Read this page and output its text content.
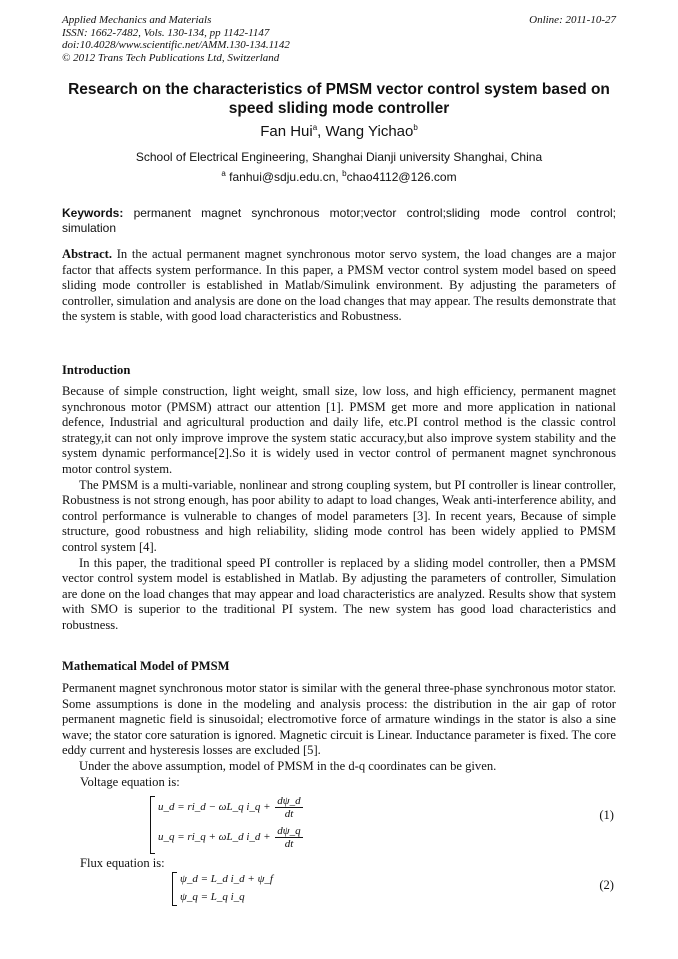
Applied Mechanics and Materials
ISSN: 1662-7482, Vols. 130-134, pp 1142-1147
doi:10.4028/www.scientific.net/AMM.130-134.1142
© 2012 Trans Tech Publications Ltd, Switzerland
Online: 2011-10-27
Research on the characteristics of PMSM vector control system based on speed sliding mode controller
Fan Hui$^a$, Wang Yichao$^b$
School of Electrical Engineering, Shanghai Dianji university Shanghai, China
$^a$ fanhui@sdju.edu.cn, $^b$chao4112@126.com
Keywords: permanent magnet synchronous motor;vector control;sliding mode control control; simulation

Abstract. In the actual permanent magnet synchronous motor servo system, the load changes are a major factor that affects system performance. In this paper, a PMSM vector control system model based on speed sliding mode controller is established in Matlab/Simulink environment. By adjusting the parameters of controller, simulation and analysis are done on the load changes that may appear. The results demonstrate that the system is stable, with good load characteristics and Robustness.

Introduction

Because of simple construction, light weight, small size, low loss, and high efficiency, permanent magnet synchronous motor (PMSM) attract our attention [1]. PMSM get more and more application in national defence, Industrial and agricultural production and daily life, etc.PI control method is the classic control strategy,it can not only improve improve the system static accuracy,but also improve system stability and the system dynamic performance[2].So it is widely used in vector control of permanent magnet synchronous motor control system.

The PMSM is a multi-variable, nonlinear and strong coupling system, but PI controller is linear controller, Robustness is not strong enough, has poor ability to adapt to load changes, Weak anti-interference ability, and control performance is vulnerable to changes of model parameters [3]. In recent years, Because of simple structure, good robustness and high reliability, sliding mode control has been widely applied to PMSM control system [4].

In this paper, the traditional speed PI controller is replaced by a sliding model controller, then a PMSM vector control system model is established in Matlab. By adjusting the parameters of controller, Simulation are done on the load changes that may appear and load characteristics are analyzed. Results show that system with SMO is superior to the traditional PI system. The new system has good load characteristics and robustness.

Mathematical Model of PMSM

Permanent magnet synchronous motor stator is similar with the general three-phase synchronous motor stator. Some assumptions is done in the modeling and analysis process: the distribution in the air gap of rotor permanent magnetic field is sinusoidal; electromotive force of armature windings in the stator is also a sine wave; the stator core saturation is ignored. Magnetic circuit is Linear. Inductance parameter is fixed. The core eddy current and hysteresis losses are excluded [5].

Under the above assumption, model of PMSM in the d-q coordinates can be given.

Voltage equation is:
u_d = ri_d − ωL_q i_q + $\frac{d\psi\_d}{dt}$
u_q = ri_q + ωL_d i_d + $\frac{d\psi\_q}{dt}$
(1)
Flux equation is:
ψ_d = L_d i_d + ψ_f
ψ_q = L_q i_q
(2)
